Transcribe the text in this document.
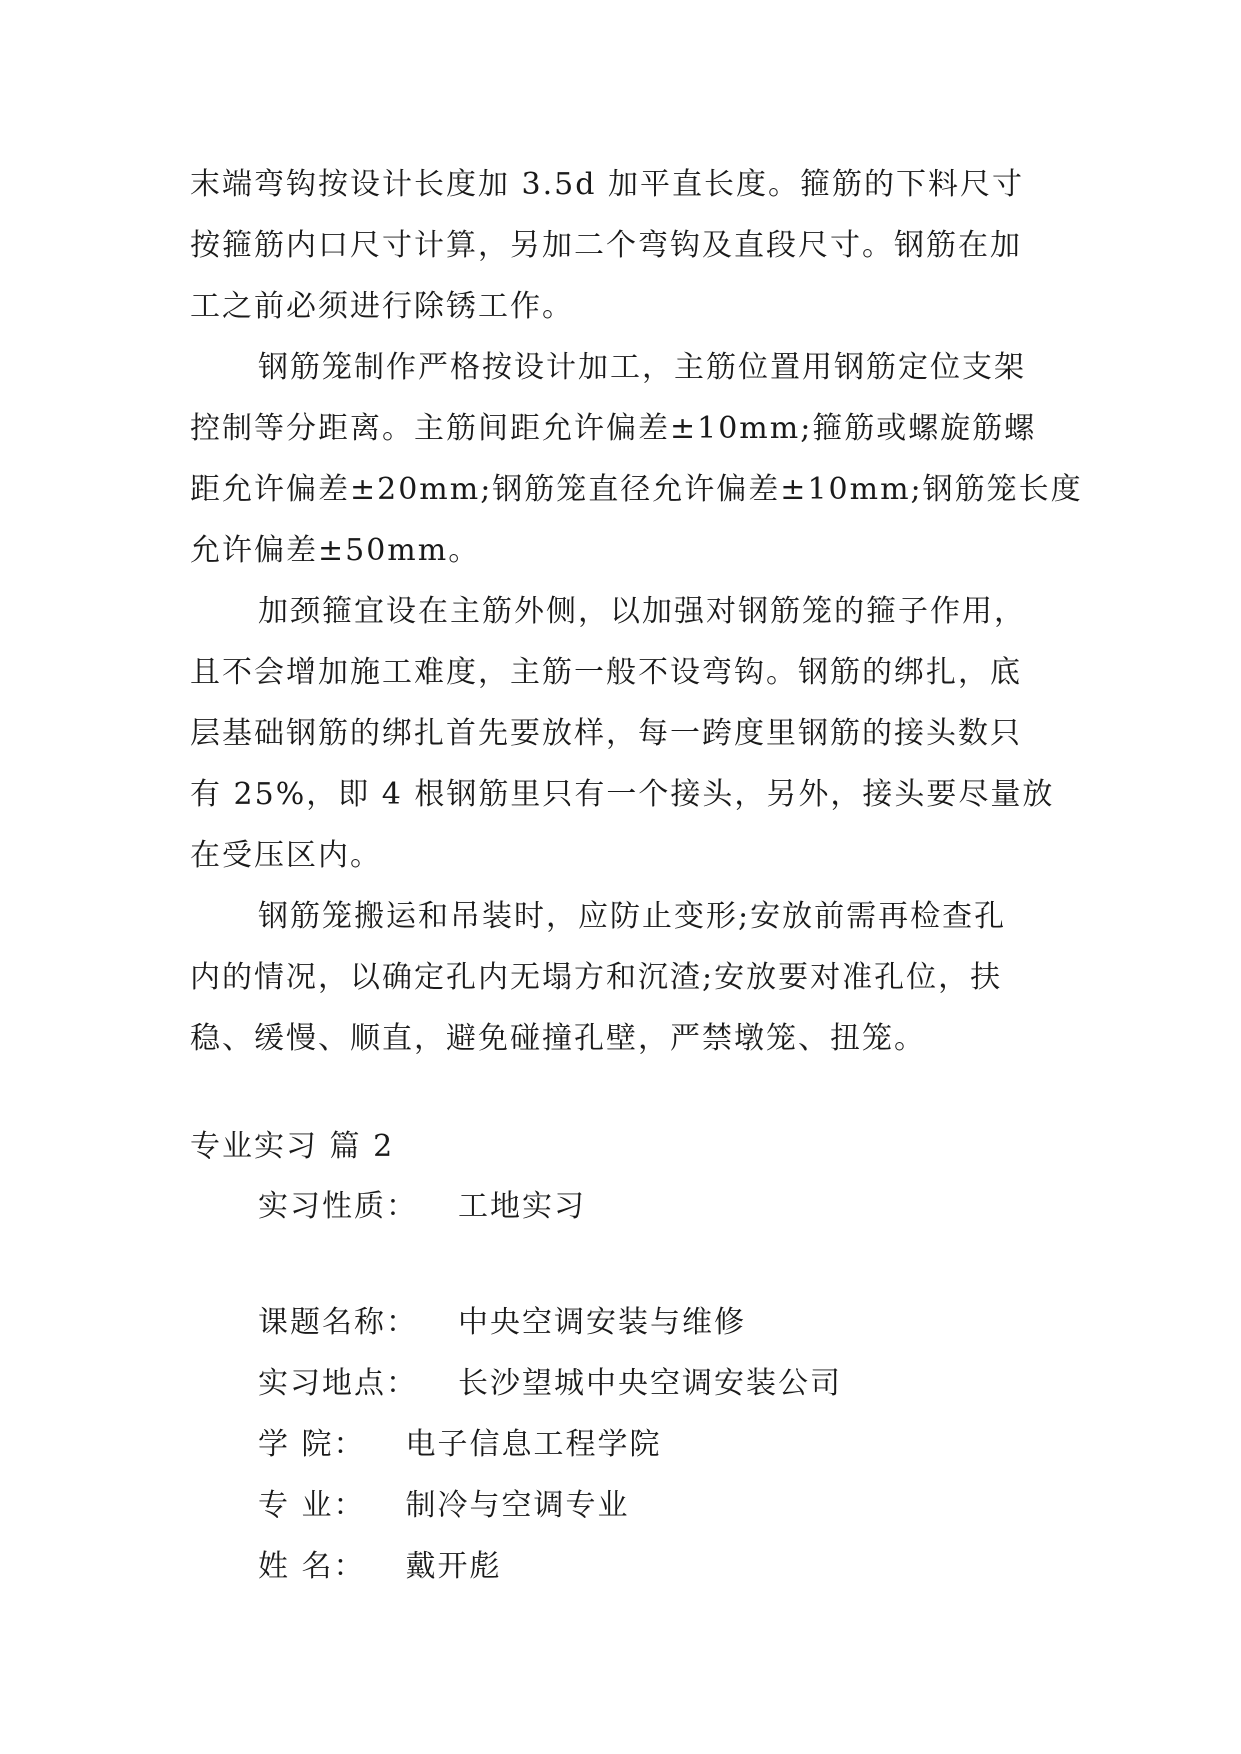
末端弯钩按设计长度加 3.5d 加平直长度。箍筋的下料尺寸
按箍筋内口尺寸计算，另加二个弯钩及直段尺寸。钢筋在加
工之前必须进行除锈工作。
钢筋笼制作严格按设计加工，主筋位置用钢筋定位支架
控制等分距离。主筋间距允许偏差±10mm;箍筋或螺旋筋螺
距允许偏差±20mm;钢筋笼直径允许偏差±10mm;钢筋笼长度
允许偏差±50mm。
加颈箍宜设在主筋外侧，以加强对钢筋笼的箍子作用，
且不会增加施工难度，主筋一般不设弯钩。钢筋的绑扎，底
层基础钢筋的绑扎首先要放样，每一跨度里钢筋的接头数只
有 25%，即 4 根钢筋里只有一个接头，另外，接头要尽量放
在受压区内。
钢筋笼搬运和吊装时，应防止变形;安放前需再检查孔
内的情况，以确定孔内无塌方和沉渣;安放要对准孔位，扶
稳、缓慢、顺直，避免碰撞孔壁，严禁墩笼、扭笼。
专业实习 篇 2
实习性质： 工地实习
课题名称： 中央空调安装与维修
实习地点： 长沙望城中央空调安装公司
学 院： 电子信息工程学院
专 业： 制冷与空调专业
姓 名： 戴开彪
